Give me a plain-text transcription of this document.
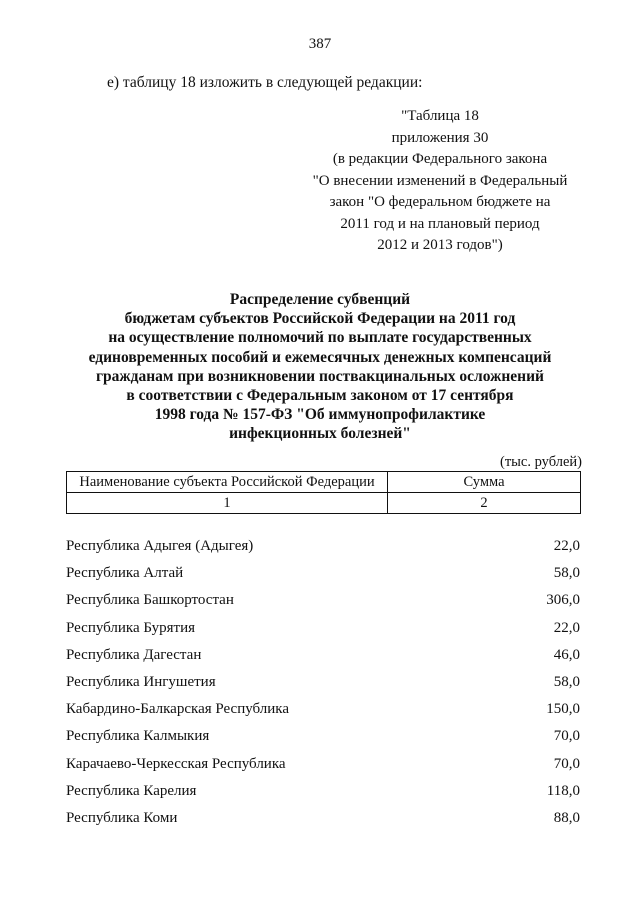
387
е) таблицу 18 изложить в следующей редакции:
"Таблица 18
приложения 30
(в редакции Федерального закона
"О внесении изменений в Федеральный
закон "О федеральном бюджете на
2011 год и на плановый период
2012 и 2013 годов")
Распределение субвенций
бюджетам субъектов Российской Федерации на 2011 год
на осуществление полномочий по выплате государственных
единовременных пособий и ежемесячных денежных компенсаций
гражданам при возникновении поствакцинальных осложнений
в соответствии с Федеральным законом от 17 сентября
1998 года № 157-ФЗ "Об иммунопрофилактике
инфекционных болезней"
(тыс. рублей)
Наименование субъекта Российской Федерации	Сумма
1	2
Республика Адыгея (Адыгея)	22,0
Республика Алтай	58,0
Республика Башкортостан	306,0
Республика Бурятия	22,0
Республика Дагестан	46,0
Республика Ингушетия	58,0
Кабардино-Балкарская Республика	150,0
Республика Калмыкия	70,0
Карачаево-Черкесская Республика	70,0
Республика Карелия	118,0
Республика Коми	88,0
